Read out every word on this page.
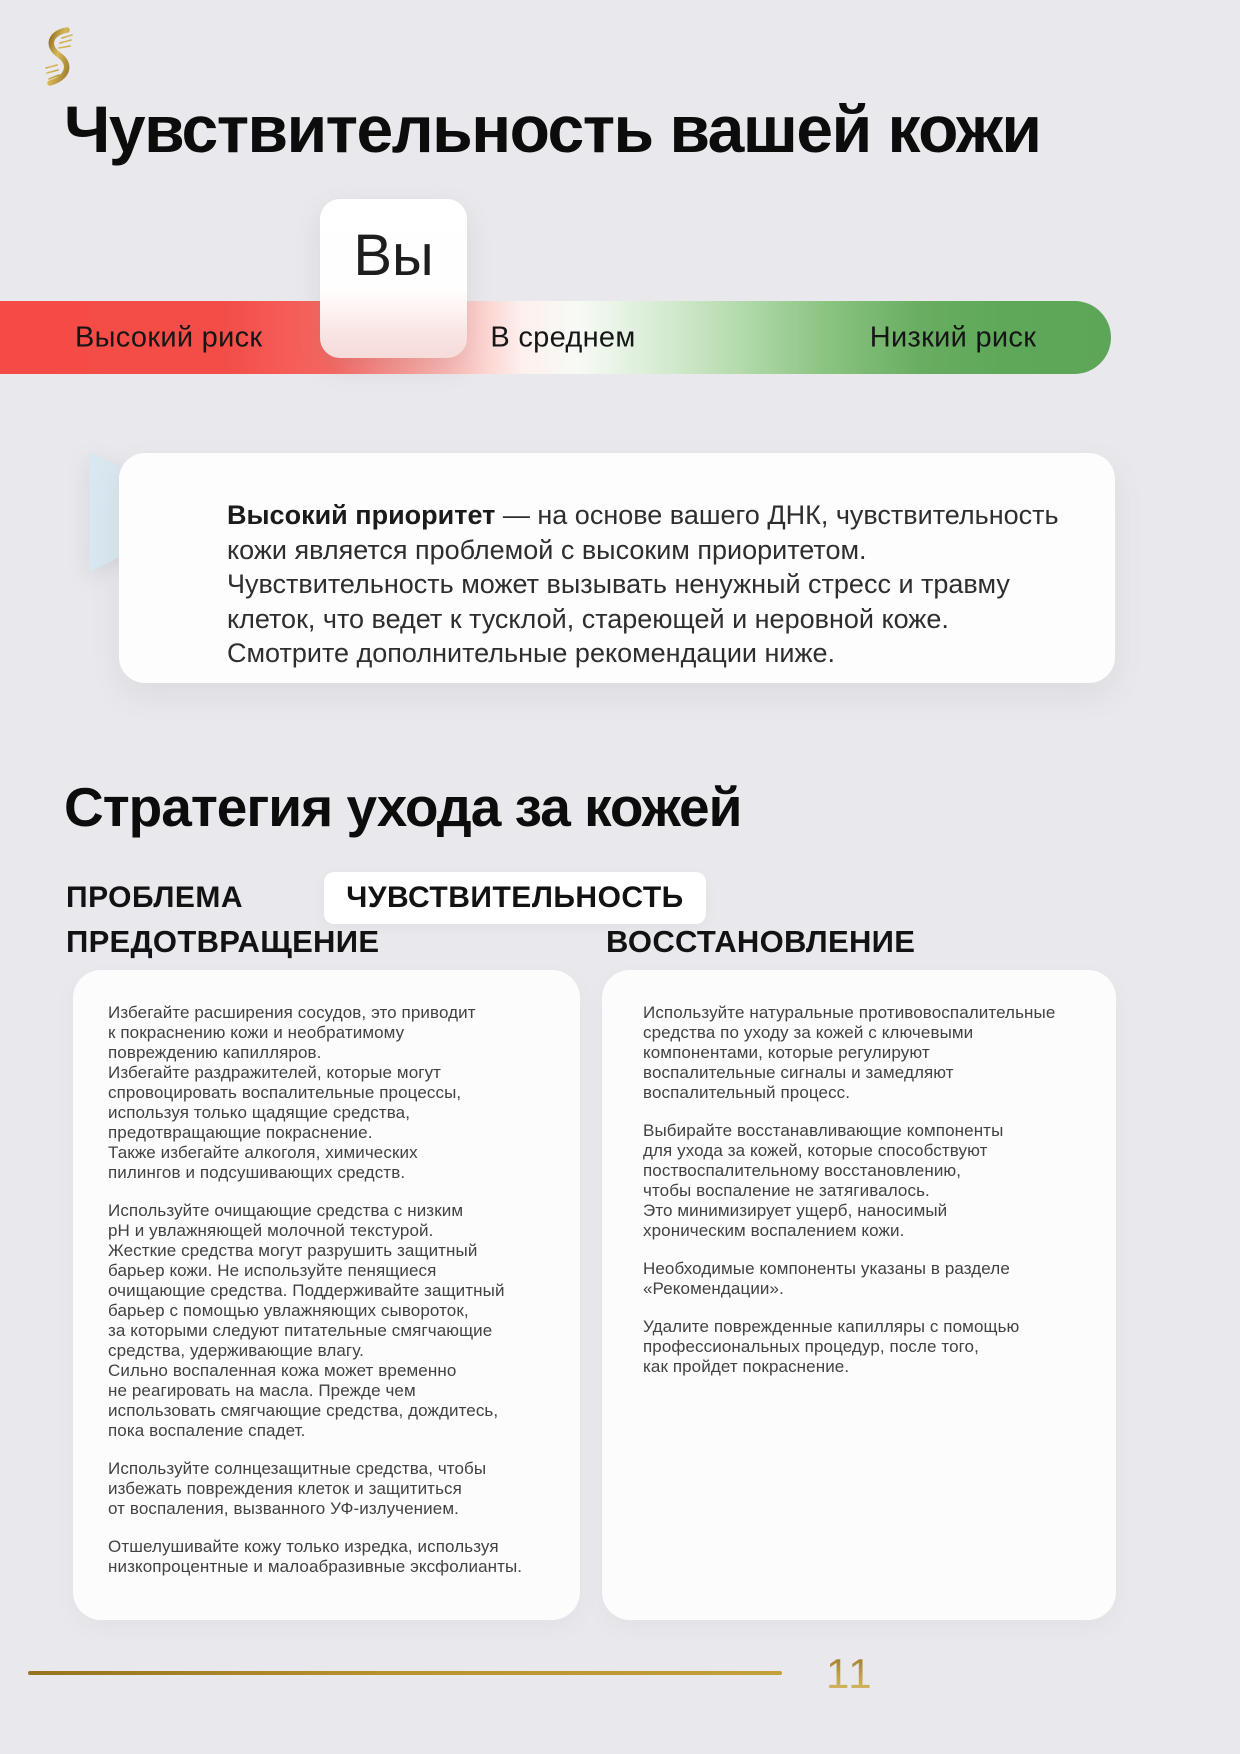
Чувствительность вашей кожи
Высокий риск	В среднем	Низкий риск
Вы
Высокий приоритет — на основе вашего ДНК, чувствительность
кожи является проблемой с высоким приоритетом.
Чувствительность может вызывать ненужный стресс и травму
клеток, что ведет к тусклой, стареющей и неровной коже.
Смотрите дополнительные рекомендации ниже.
Стратегия ухода за кожей
ПРОБЛЕМА	ЧУВСТВИТЕЛЬНОСТЬ
ПРЕДОТВРАЩЕНИЕ	ВОССТАНОВЛЕНИЕ
Избегайте расширения сосудов, это приводит
к покраснению кожи и необратимому
повреждению капилляров.
Избегайте раздражителей, которые могут
спровоцировать воспалительные процессы,
используя только щадящие средства,
предотвращающие покраснение.
Также избегайте алкоголя, химических
пилингов и подсушивающих средств.
Используйте очищающие средства с низким
pH и увлажняющей молочной текстурой.
Жесткие средства могут разрушить защитный
барьер кожи. Не используйте пенящиеся
очищающие средства. Поддерживайте защитный
барьер с помощью увлажняющих сывороток,
за которыми следуют питательные смягчающие
средства, удерживающие влагу.
Сильно воспаленная кожа может временно
не реагировать на масла. Прежде чем
использовать смягчающие средства, дождитесь,
пока воспаление спадет.
Используйте солнцезащитные средства, чтобы
избежать повреждения клеток и защититься
от воспаления, вызванного УФ-излучением.
Отшелушивайте кожу только изредка, используя
низкопроцентные и малоабразивные эксфолианты.
Используйте натуральные противовоспалительные
средства по уходу за кожей с ключевыми
компонентами, которые регулируют
воспалительные сигналы и замедляют
воспалительный процесс.
Выбирайте восстанавливающие компоненты
для ухода за кожей, которые способствуют
поствоспалительному восстановлению,
чтобы воспаление не затягивалось.
Это минимизирует ущерб, наносимый
хроническим воспалением кожи.
Необходимые компоненты указаны в разделе
«Рекомендации».
Удалите поврежденные капилляры с помощью
профессиональных процедур, после того,
как пройдет покраснение.
11
